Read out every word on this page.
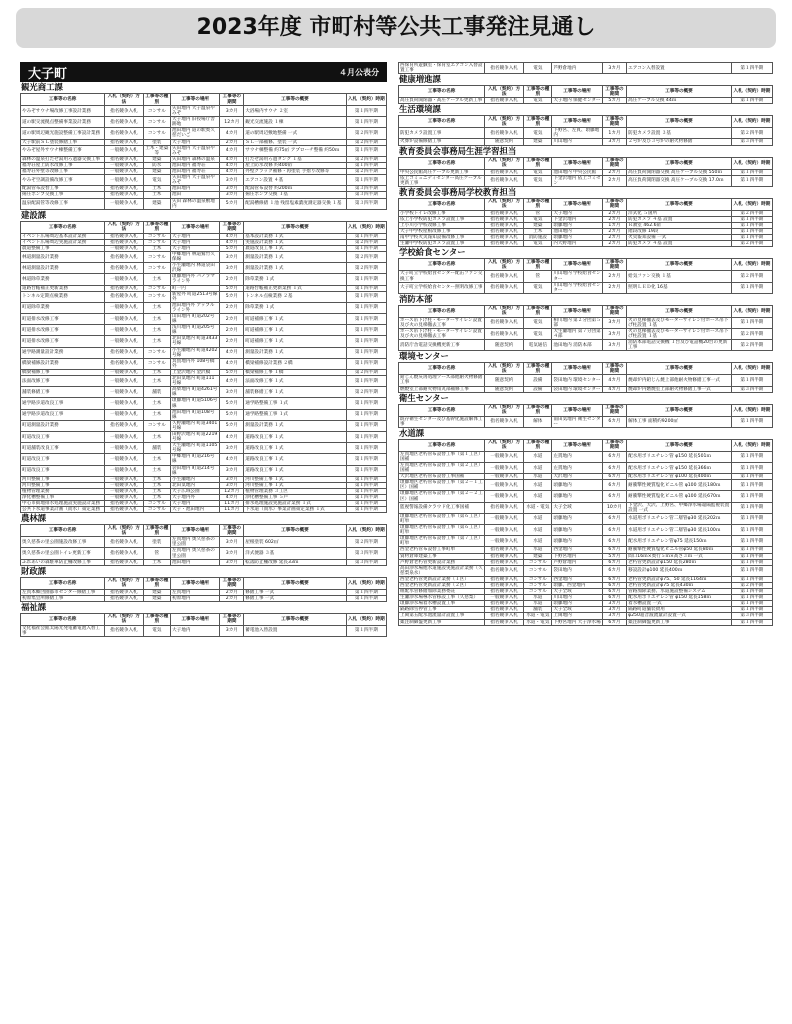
2023年度 市町村等公共工事発注見通し
大子町	４月公表分
観光商工課
工事等の名称	入札（契約）方法	工事等の種別	工事等の場所	工事等の期間	工事等の概要	入札（契約）時期
やみぞサウナ場改修工事設計業務	指名競争入札	コンサル	矢田地内 大子温泉やみぞ	3カ月	大浴場内サウナ ２室	第１四半期
道の駅交流拠点整備事業設計業務	指名競争入札	コンサル	大子地内 旧役場庁舎跡地	12カ月	観光交流施設 １棟	第１四半期
道の駅周辺観光施設整備工事設計業務	指名競争入札	コンサル	池田地内 道の駅奥久慈だいご	4カ月	道の駅周辺敷地整備 一式	第２四半期
大子駅前ＳＬ塗装修繕工事	指名競争入札	塗装	大子地内	2カ月	ＳＬ一部補修、塗装 一式	第２四半期
やみぞ屋外サウナ棟整備工事	一般競争入札	土木・建築等	矢田地内 大子温泉やみぞ	4カ月	サウナ棟整備 約75㎡ アプローチ整備 約50ｍ	第１四半期
森林の温泉打たせ湯用ろ過器交換工事	指名競争入札	建築	矢田地内 森林の温泉	4カ月	打たせ湯用ろ過タンク １基	第２四半期
福寿荘屋上防水改修工事	一般競争入札	防水	池田地内 福寿荘	4カ月	屋上防水改修 約400㎡	第１四半期
福寿荘外壁等改修工事	一般競争入札	建築	池田地内 福寿荘	4カ月	外壁クラック補修・再塗装 手摺り改修等	第２四半期
やみぞ空調設備改修工事	一般競争入札	電気	矢田地内 大子温泉やみぞ	3カ月	エアコン設置 ４基	第１四半期
配湯管布設替工事	指名競争入札	土木	池田地内	3カ月	配湯管布設替 約200ｍ	第３四半期
揚圧ポンプ交換工事	指名競争入札	土木	池田	3カ月	揚圧ポンプ交換 １基	第３四半期
温泉配湯管等改修工事	一般競争入札	建築	矢田 森林の温泉敷地内	5カ月	配湯槽修繕 １池 残留塩素濃度測定器交換 １基	第３四半期
建設課
工事等の名称	入札（契約）方法	工事等の種別	工事等の場所	工事等の期間	工事等の概要	入札（契約）時期
イベント広場周辺基本設計業務	指名競争入札	コンサル	大子地内	4カ月	基本設計業務 １式	第１四半期
イベント広場周辺実施設計業務	指名競争入札	コンサル	大子地内	4カ月	実施設計業務 １式	第２四半期
農道整備工事	一般競争入札	土木	大子地内	5カ月	農道改良工事 １式	第１四半期
林道測量設計業務	指名競争入札	コンサル	中郷地内 林道鷲竹久保線	3カ月	測量設計業務 １式	第２四半期
林道測量設計業務	指名競争入札	コンサル	小生瀬地内 林道袋田沢線	3カ月	測量設計業務 １式	第２四半期
林道除草業務	一般競争入札	土木	頃藤地内外 パノラマライン外	2カ月	除草業務 １式	第１四半期
道路台帳補正更新業務	指名競争入札	コンサル	町一円	5カ月	道路台帳補正更新業務 １式	第１四半期
トンネル定期点検業務	指名競争入札	コンサル	新屋外 町道2513号線外	5カ月	トンネル点検業務 ２基	第１四半期
町道除草業務	一般競争入札	土木	池田地内外 アップルライン外	2カ月	除草業務 １式	第１四半期
町道排水改修工事	一般競争入札	土木	山田地内 町道202号線	2カ月	町道補修工事 １式	第１四半期
町道排水改修工事	一般競争入札	土木	浅川地内 町道205号線	2カ月	町道補修工事 １式	第１四半期
町道排水改修工事	一般競争入札	土木	北田気地内 町道3433号線	2カ月	町道補修工事 １式	第１四半期
通学路測量設計業務	指名競争入札	コンサル	小生瀬地内 町道4202号線	4カ月	測量設計業務 １式	第１四半期
橋梁補修設計業務	指名競争入札	コンサル	冥賀地内外 108号橋外	4カ月	橋梁補修設計業務 ２橋	第１四半期
橋梁補修工事	一般競争入札	土木	上金沢地内 金沢橋	5カ月	橋梁補修工事 １橋	第２四半期
法面改修工事	一般競争入札	土木	北田気地内 町道111号線	4カ月	法面改修工事 １式	第１四半期
舗装修繕工事	一般競争入札	舗装	高柴地内 町道4261号線	3カ月	舗装修繕工事 １式	第２四半期
通学路歩道改良工事	一般競争入札	土木	頃藤地内 町道5106号線	5カ月	通学路整備工事 １式	第１四半期
通学路歩道改良工事	一般競争入札	土木	池田地内 町道108号線	5カ月	通学路整備工事 １式	第１四半期
町道測量設計業務	指名競争入札	コンサル	久野瀬地内 町道3401号線	5カ月	測量設計業務 １式	第１四半期
町道改良工事	一般競争入札	土木	田野沢地内 町道2219号線	4カ月	道路改良工事 １式	第１四半期
町道舗装改良工事	一般競争入札	舗装	大生瀬地内 町道1105号線	3カ月	道路改良工事 １式	第１四半期
町道改良工事	一般競争入札	土木	中郷地内 町道216号線	4カ月	道路改良工事 １式	第１四半期
町道改良工事	一般競争入札	土木	袋田地内 町道214号線	3カ月	道路改良工事 １式	第１四半期
河川整備工事	一般競争入札	土木	小生瀬地内	3カ月	河川整備工事 １式	第１四半期
河川整備工事	一般競争入札	土木	北田気地内	3カ月	河川整備工事 １式	第１四半期
植物管理業務	一般競争入札	土木	大子広域公園	12カ月	植物管理業務 ３工区	第１四半期
浄化槽整備工事	一般競争入札	土木	大子地内外	4カ月	浄化槽整備工事 ５戸	第１四半期
中心市街地排水処理施設実施設計業務	指名競争入札	コンサル	大子地内	11カ月	排水処理施設実施設計業務 １式	第１四半期
公共下水道事業計画（而水）策定業務	指名競争入札	コンサル	大子・池田地内	11カ月	下水道（而水）事業計画策定業務 １式	第１四半期
農林課
工事等の名称	入札（契約）方法	工事等の種別	工事等の場所	工事等の期間	工事等の概要	入札（契約）時期
奥久慈茶の里公園施設改修工事	指名競争入札	塗装	左貫地内 奥久慈茶の里公園	3カ月	屋根塗装 602㎡	第２四半期
奥久慈茶の里公園トイレ更新工事	指名競争入札	管	左貫地内 奥久慈茶の里公園	3カ月	洋式便器 ３基	第３四半期
ふれあいの森駐車防止柵改修工事	指名競争入札	土木	池田地内	3カ月	転落防止柵改修 延長33ｍ	第３四半期
財政課
工事等の名称	入札（契約）方法	工事等の種別	工事等の場所	工事等の期間	工事等の概要	入札（契約）時期
左貫本郷団園都市センター修繕工事	指名競争入札	建築	左貫地内	2カ月	修繕工事 一式	第１四半期
初原集会所修繕工事	指名競争入札	建築	初原地内	2カ月	修繕工事 一式	第１四半期
福祉課
工事等の名称	入札（契約）方法	工事等の種別	工事等の場所	工事等の期間	工事等の概要	入札（契約）時期
文化福祉会館太陽光発電蓄電池入替工事	指名競争入札	電気	大子地内	3カ月	蓄電池入替設置	第１四半期
西保育所遊戯室・保育室エアコン入替設置工事	指名競争入札	電気	芦野倉地内	3カ月	エアコン入替設置	第１四半期
健康増進課
工事等の名称	入札（契約）方法	工事等の種別	工事等の場所	工事等の期間	工事等の概要	入札（契約）時期
高圧負荷開閉器・高圧ケーブル更新工事	指名競争入札	電気	大子地内 保健センター	5カ月	高圧ケーブル交換 44ｍ	第１四半期
生活環境課
工事等の名称	入札（契約）方法	工事等の種別	工事等の場所	工事等の期間	工事等の概要	入札（契約）時期
防犯カメラ設置工事	指名競争入札	電気	下野宮、左貫、頃藤地内	1カ月	防犯カメラ設置 ３基	第２四半期
火葬炉設備修繕工事	随意契約	建築	川山地内	3カ月	２号炉及び３号炉の耐火材修繕	第３四半期
教育委員会事務局生涯学習担当
工事等の名称	入札（契約）方法	工事等の種別	工事等の場所	工事等の期間	工事等の概要	入札（契約）時期
中央公民館高圧ケーブル更新工事	指名競争入札	電気	池田地内 中央公民館	2カ月	高圧負荷開閉器交換 高圧ケーブル交換 550ｍ	第１四半期
依上コミュニティセンター高圧ケーブル更新工事	指名競争入札	電気	下金沢地内 依上コミセン	2カ月	高圧負荷開閉器交換 高圧ケーブル交換 17.0ｍ	第１四半期
教育委員会事務局学校教育担当
工事等の名称	入札（契約）方法	工事等の種別	工事等の場所	工事等の期間	工事等の概要	入札（契約）時期
小学校トイレ改修工事	指名競争入札	管	大子地内	2カ月	洋式化 ５箇所	第２四半期
依上小学校防犯カメラ設置工事	指名競争入札	電気	下金沢地内	2カ月	防犯カメラ ４基 設置	第１四半期
上小川小学校改修工事	指名競争入札	建築	頃藤地内	1カ月	Ｒ教室 462.6㎡	第１四半期
大子中学校屋根改修工事	指名競争入札	土木	池田地内	2カ月	階段改修 19段	第１四半期
南中学校火災報知設備改修工事	指名競争入札	消防施設	頃藤地内	2カ月	火災報知設備 一式	第１四半期
生瀬中学校防犯カメラ設置工事	指名競争入札	電気	内大野地内	2カ月	防犯カメラ ４基 設置	第２四半期
学校給食センター
工事等の名称	入札（契約）方法	工事等の種別	工事等の場所	工事等の期間	工事等の概要	入札（契約）時期
大子町立学校給食センター配缶ファン交換工事	指名競争入札	管	川山地内 学校給食センター	2カ月	給気ファン交換 １基	第２四半期
大子町立学校給食センター照明改修工事	指名競争入札	電気	川山地内 学校給食センター	2カ月	照明ＬＥＤ化 16基	第１四半期
消防本部
工事等の名称	入札（契約）方法	工事等の種別	工事等の場所	工事等の期間	工事等の概要	入札（契約）時期
ホース吊下げ柱・モーターサイレン設置及び火の見梯撤去工事	指名競争入札	電気	相川地内 第２分団第５部	3カ月	火の見梯撤去及びモーターサイレン付ホース吊下げ柱設置 １基	第１四半期
ホース吊下げ柱・モーターサイレン設置及び火の見梯撤去工事	指名競争入札	電気	大生瀬地内 第７分団第４部	3カ月	火の見梯撤去及びモーターサイレン付ホース吊下げ柱設置 １基	第２四半期
消防庁舎電話交換機更新工事	随意契約	電気通信	池田地内 消防本部	3カ月	消防本部電話交換機 １台及び電話機20台の更新工事	第２四半期
環境センター
工事等の名称	入札（契約）方法	工事等の種別	工事等の場所	工事等の期間	工事等の概要	入札（契約）時期
鉛じん焼灰再処理ゾーズ部他耐火物修繕工事	随意契約	設備	袋田地内 環境センター	4カ月	焼却炉内鉛じん焼上部他耐火物修繕工事一式	第１四半期
燃焼室上部耐火物角丸部補修工事	随意契約	設備	袋田地内 環境センター	4カ月	焼却炉内燃焼室上部耐火物修繕工事一式	第３四半期
衛生センター
工事等の名称	入札（契約）方法	工事等の種別	工事等の場所	工事等の期間	工事等の概要	入札（契約）時期
既存衛生センター及び基幹化施設解体工事	指名競争入札	解体	南田気地内 衛生センター	6カ月	解体工事 面積約9200㎡	第１四半期
水道課
工事等の名称	入札（契約）方法	工事等の種別	工事等の場所	工事等の期間	工事等の概要	入札（契約）時期
左貫地区老朽管布設替工事（第１工区）国補	一般競争入札	水道	左貫地内	6カ月	配水用ポリエチレン管 φ150 延長501ｍ	第１四半期
左貫地区老朽管布設替工事（第２工区）国補	一般競争入札	水道	左貫地内	6カ月	配水用ポリエチレン管 φ150 延長366ｍ	第１四半期
大沢地区老朽管布設替工事国補	一般競争入札	水道	大沢地内	6カ月	配水用ポリエチレン管 φ100 延長400ｍ	第１四半期
頃藤地区老朽管布設替工事（第２－１工区）国補	一般競争入札	水道	頃藤地内	6カ月	耐衝撃性硬質塩化ビニル管 φ100 延長180ｍ	第１四半期
頃藤地区老朽管布設替工事（第２－２工区）国補	一般競争入札	水道	頃藤地内	6カ月	耐衝撃性硬質塩化ビニル管 φ100 延長670ｍ	第１四半期
監視警報設備クラウド化工事国補	指名競争入札	水道・電気	大子全域	10カ月	下金沢、大沢、上野宮、中郷浄水場遠隔監視装置設置 一式	第１四半期
頃藤地区老朽管布設替工事（第６工区）町単	一般競争入札	水道	頃藤地内	6カ月	水道用ポリエチレン管二層管φ30 延長202ｍ	第１四半期
頃藤地区老朽管布設替工事（第６工区）町単	一般競争入札	水道	頃藤地内	6カ月	水道用ポリエチレン管二層管φ30 延長100ｍ	第１四半期
頃藤地区老朽管布設替工事（第７工区）町単	一般競争入札	水道	頃藤地内	6カ月	配水用ポリエチレン管φ75 延長150ｍ	第１四半期
西金老朽管布設替工事町単	指名競争入札	水道	西金地内	6カ月	耐衝撃性硬質塩化ビニル管φ50 延長80ｍ	第１四半期
資材倉庫建築工事	指名競争入札	建築	下野宮地内	5カ月	間口16ｍ×奥行５ｍ×高さ３ｍ 一式	第１四半期
芦野倉老朽管更新設計業務	指名競争入札	コンサル	芦野倉地内	6カ月	老朽管更新設計φ150 延長280ｍ	第１四半期
高田浄水場他水道施設実施設計業務（久慈梨泉水）	指名競争入札	コンサル	袋田地内	6カ月	移設設計φ100 延長400ｍ	第１四半期
西金老朽管更新設計業務（１区）	指名競争入札	コンサル	西金地内	6カ月	老朽管更新設計φ75、50 延長1164ｍ	第１四半期
西金老朽管更新設計業務（２区）	指名競争入札	コンサル	頃藤、西金地内	6カ月	老朽管更新設計φ75 延長430ｍ	第２四半期
組配水管修繕加除業務委託	指名競争入札	コンサル	大子全域	6カ月	管路加除業務、水道施設整備システム	第１四半期
生瀬浄水場導水管移設工事（久慈梨）	一般競争入札	水道	川山地内	6カ月	配水用ポリエチレン管 φ150 延長158ｍ	第１四半期
頃藤浄水場着水槽設置工事	指名競争入札	水道	頃藤地内	3カ月	着水槽設置 一式	第１四半期
隔路除雪停管工事	指名競争入札	舗装	大子全域	3カ月	隔路町道舗装費用	第１四半期
上岡第五配水池流量計設置工事	指名競争入札	水道・電気	上岡地内	3カ月	φ250超音波流量計設置一式	第３四半期
薬注制御盤更新工事	指名競争入札	水道・電気	下野宮地内 大子浄水場	6カ月	薬注制御盤更新工事	第１四半期
